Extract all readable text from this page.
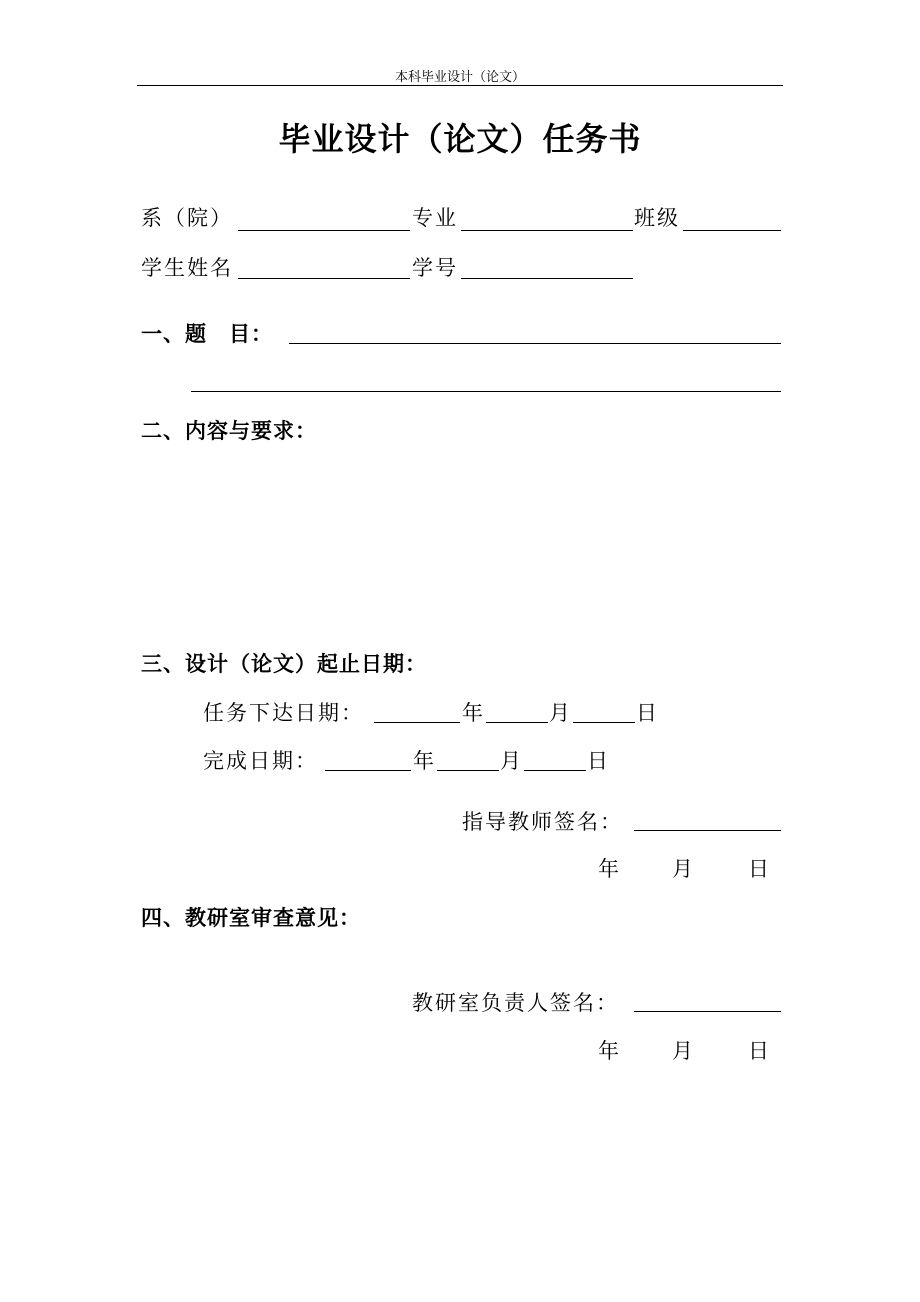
本科毕业设计（论文）
毕业设计（论文）任务书
系（院）	专业	班级
学生姓名	学号
一、题　目：
二、内容与要求：
三、设计（论文）起止日期：
任务下达日期：	年	月	日
完成日期：	年	月	日
指导教师签名：
年	月	日
四、教研室审查意见：
教研室负责人签名：
年	月	日
